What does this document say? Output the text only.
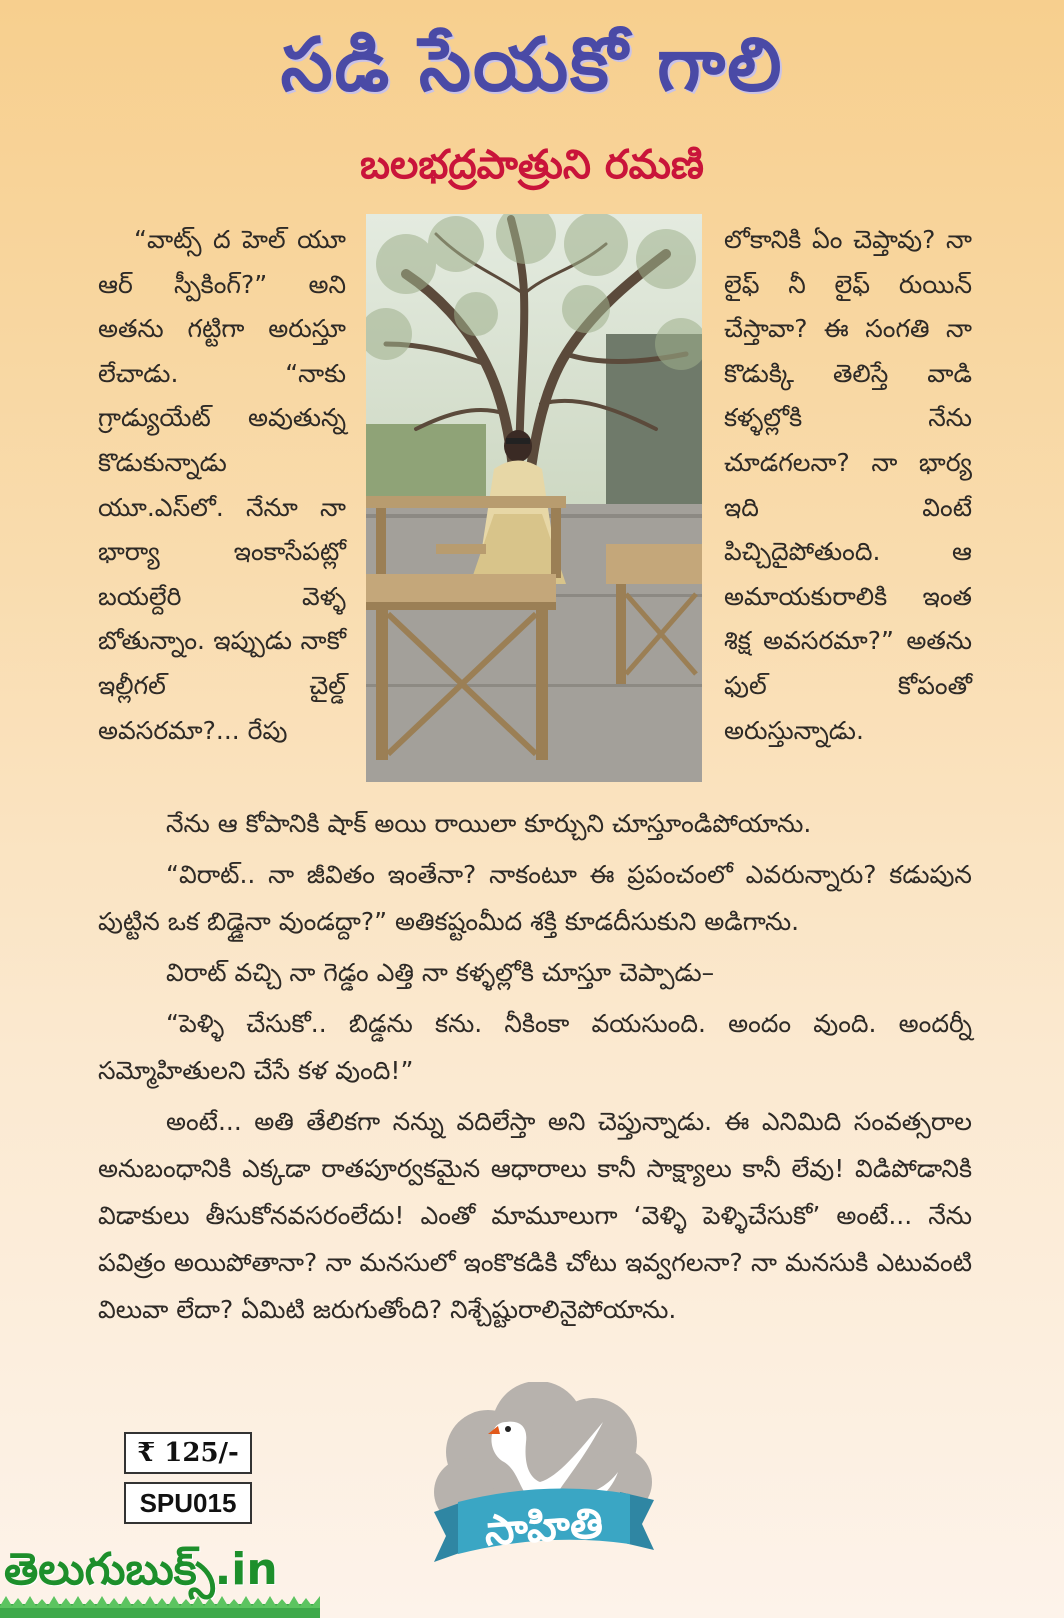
సడి సేయకో గాలి
బలభద్రపాత్రుని రమణి

“వాట్స్ ద హెల్ యూ ఆర్ స్పీకింగ్?” అని అతను గట్టిగా అరుస్తూ లేచాడు. “నాకు గ్రాడ్యుయేట్ అవుతున్న కొడుకున్నాడు యూ.ఎస్‌లో. నేనూ నా భార్యా ఇంకాసేపట్లో బయల్దేరి వెళ్ళ బోతున్నాం. ఇప్పుడు నాకో ఇల్లీగల్ చైల్డ్ అవసరమా?... రేపు

లోకానికి ఏం చెప్తావు? నా లైఫ్ నీ లైఫ్ రుయిన్ చేస్తావా? ఈ సంగతి నా కొడుక్కి తెలిస్తే వాడి కళ్ళల్లోకి నేను చూడగలనా? నా భార్య ఇది వింటే పిచ్చిదైపోతుంది. ఆ అమాయకురాలికి ఇంత శిక్ష అవసరమా?” అతను ఫుల్ కోపంతో అరుస్తున్నాడు.

నేను ఆ కోపానికి షాక్ అయి రాయిలా కూర్చుని చూస్తూండిపోయాను.

“విరాట్.. నా జీవితం ఇంతేనా? నాకంటూ ఈ ప్రపంచంలో ఎవరున్నారు? కడుపున పుట్టిన ఒక బిడ్డైనా వుండద్దా?” అతికష్టంమీద శక్తి కూడదీసుకుని అడిగాను.

విరాట్ వచ్చి నా గెడ్డం ఎత్తి నా కళ్ళల్లోకి చూస్తూ చెప్పాడు–

“పెళ్ళి చేసుకో.. బిడ్డను కను. నీకింకా వయసుంది. అందం వుంది. అందర్నీ సమ్మోహితులని చేసే కళ వుంది!”

అంటే... అతి తేలికగా నన్ను వదిలేస్తా అని చెప్తున్నాడు. ఈ ఎనిమిది సంవత్సరాల అనుబంధానికి ఎక్కడా రాతపూర్వకమైన ఆధారాలు కానీ సాక్ష్యాలు కానీ లేవు! విడిపోడానికి విడాకులు తీసుకోనవసరంలేదు! ఎంతో మామూలుగా ‘వెళ్ళి పెళ్ళిచేసుకో’ అంటే... నేను పవిత్రం అయిపోతానా? నా మనసులో ఇంకొకడికి చోటు ఇవ్వగలనా? నా మనసుకి ఎటువంటి విలువా లేదా? ఏమిటి జరుగుతోంది? నిశ్చేష్టురాలినైపోయాను.

₹ 125/-
SPU015	సాహితి
తెలుగుబుక్స్.in
